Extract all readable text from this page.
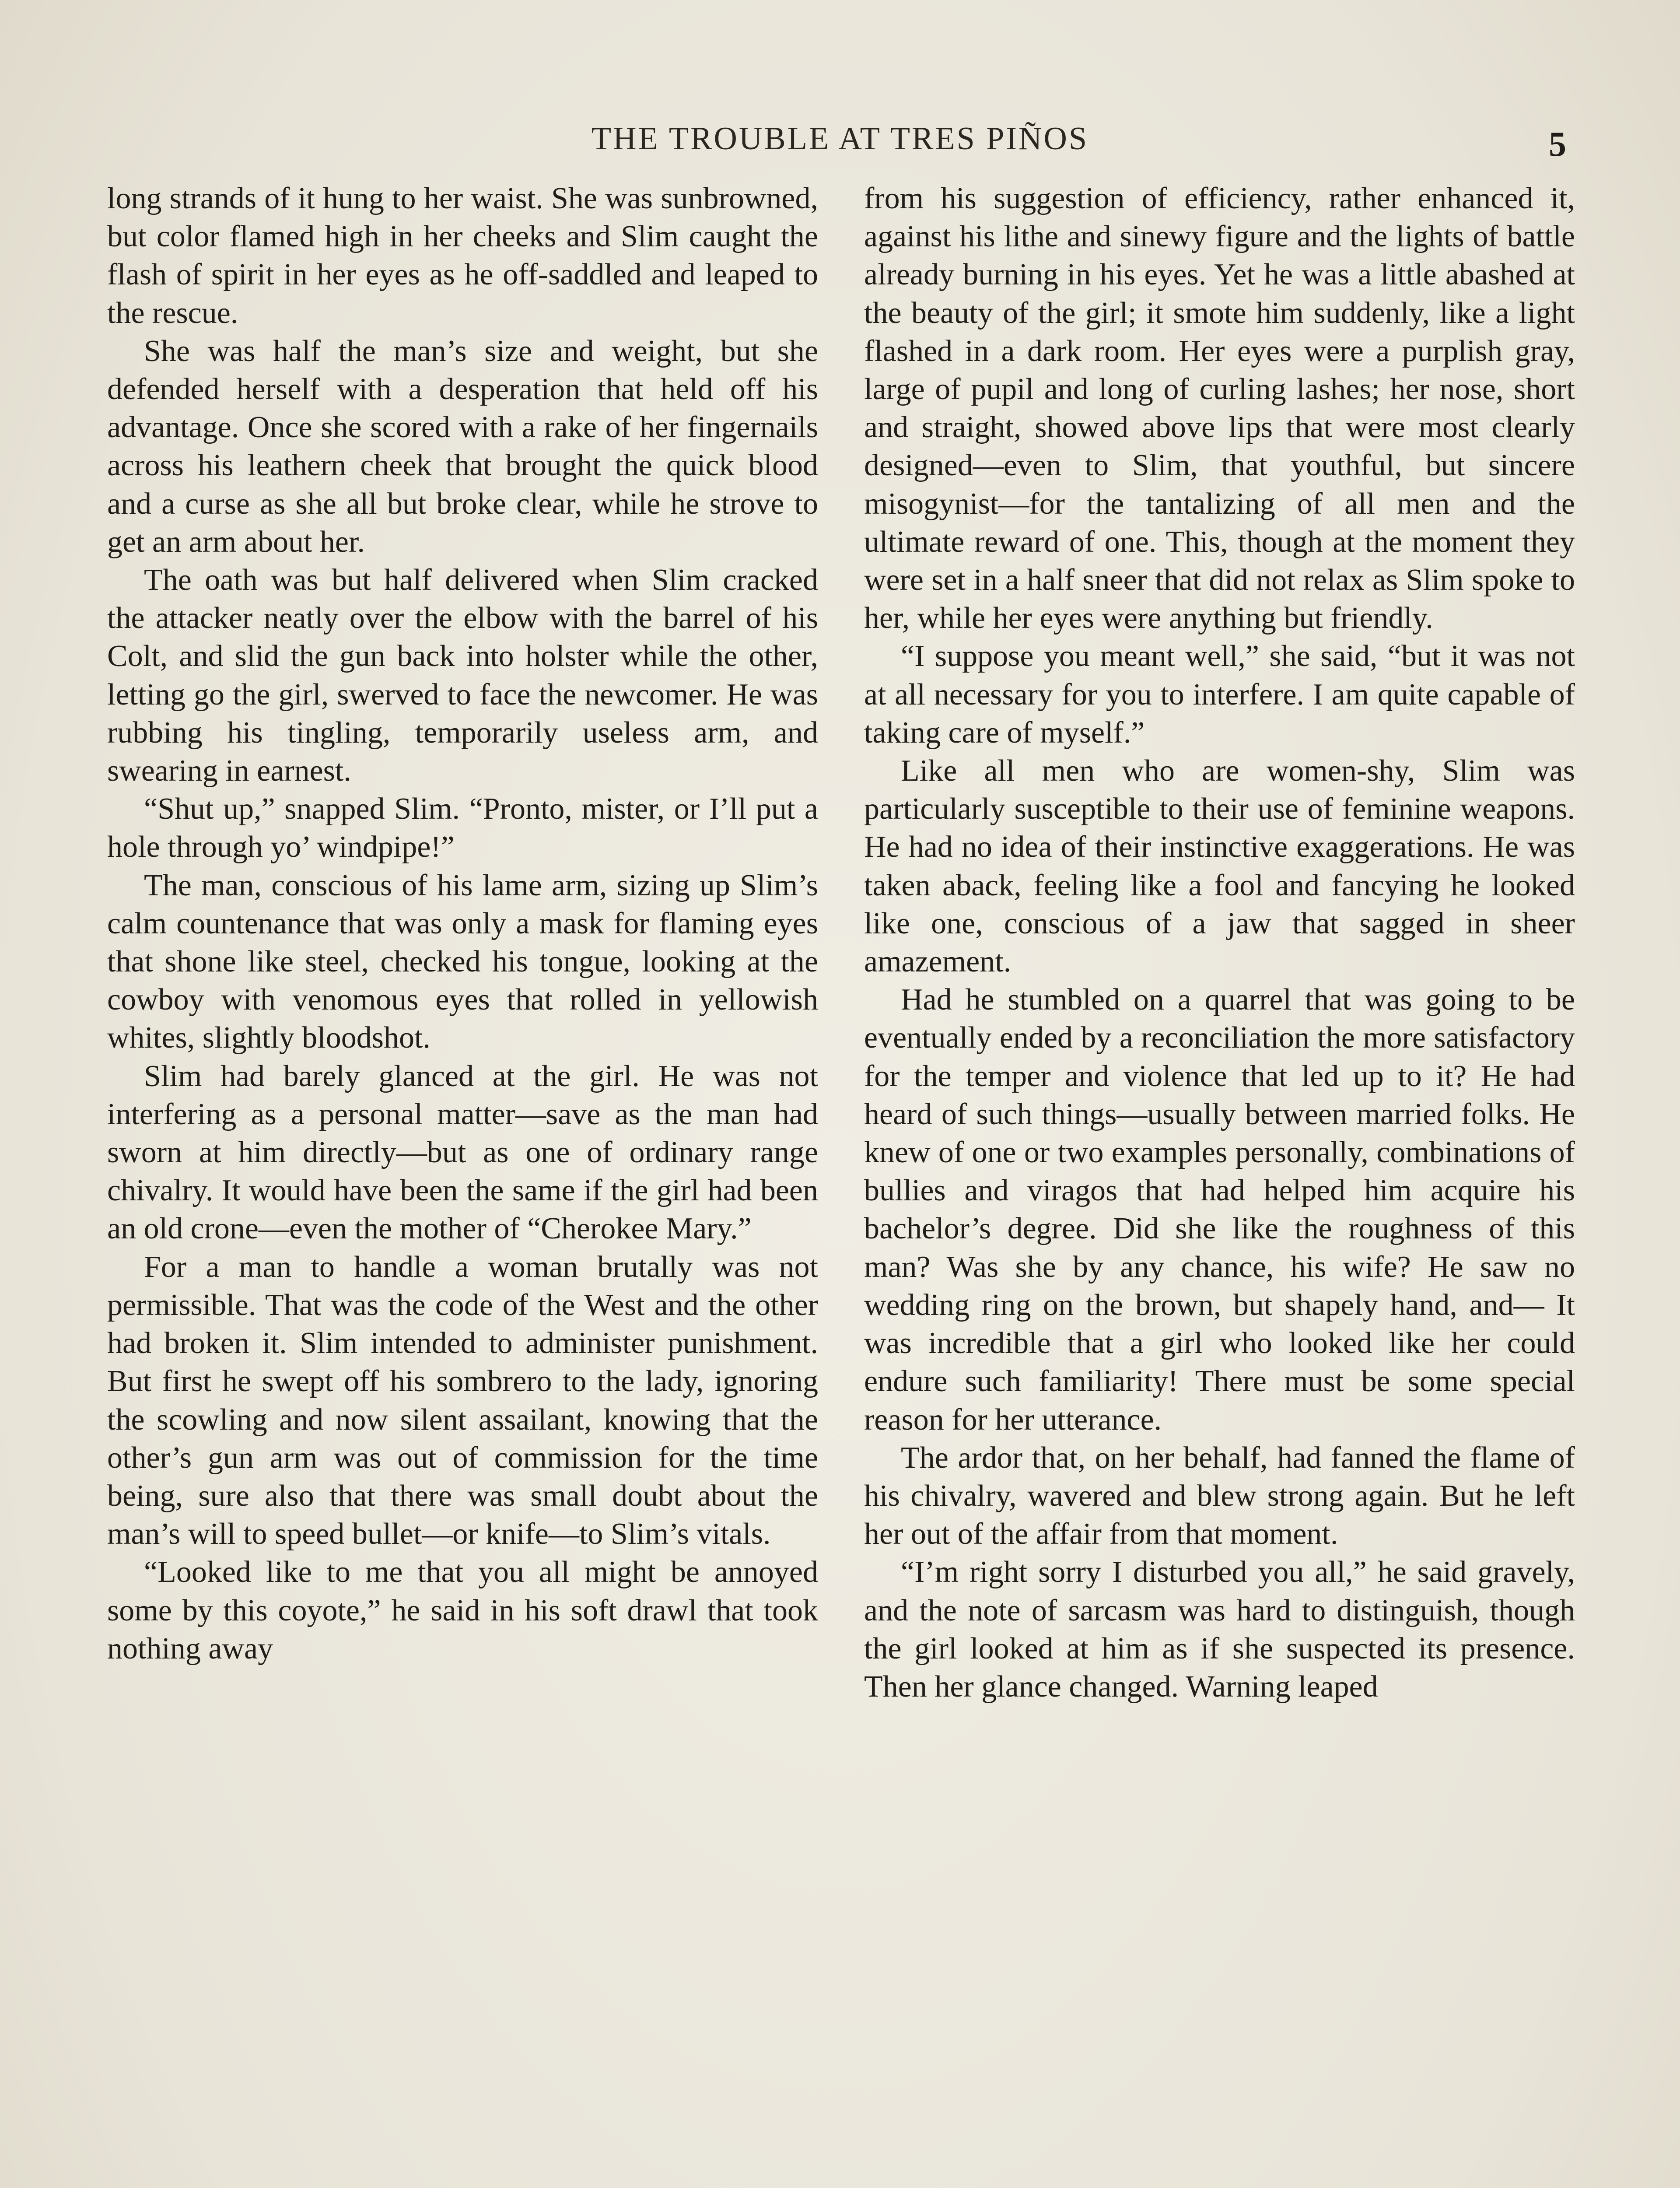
THE TROUBLE AT TRES PIÑOS	5

long strands of it hung to her waist. She was sunbrowned, but color flamed high in her cheeks and Slim caught the flash of spirit in her eyes as he off-saddled and leaped to the rescue.

She was half the man’s size and weight, but she defended herself with a desperation that held off his advantage. Once she scored with a rake of her fingernails across his leathern cheek that brought the quick blood and a curse as she all but broke clear, while he strove to get an arm about her.

The oath was but half delivered when Slim cracked the attacker neatly over the elbow with the barrel of his Colt, and slid the gun back into holster while the other, letting go the girl, swerved to face the newcomer. He was rubbing his tingling, temporarily useless arm, and swearing in earnest.

“Shut up,” snapped Slim. “Pronto, mister, or I’ll put a hole through yo’ windpipe!”

The man, conscious of his lame arm, sizing up Slim’s calm countenance that was only a mask for flaming eyes that shone like steel, checked his tongue, looking at the cowboy with venomous eyes that rolled in yellowish whites, slightly bloodshot.

Slim had barely glanced at the girl. He was not interfering as a personal matter—save as the man had sworn at him directly—but as one of ordinary range chivalry. It would have been the same if the girl had been an old crone—even the mother of “Cherokee Mary.”

For a man to handle a woman brutally was not permissible. That was the code of the West and the other had broken it. Slim intended to administer punishment. But first he swept off his sombrero to the lady, ignoring the scowling and now silent assailant, knowing that the other’s gun arm was out of commission for the time being, sure also that there was small doubt about the man’s will to speed bullet—or knife—to Slim’s vitals.

“Looked like to me that you all might be annoyed some by this coyote,” he said in his soft drawl that took nothing away

from his suggestion of efficiency, rather enhanced it, against his lithe and sinewy figure and the lights of battle already burning in his eyes. Yet he was a little abashed at the beauty of the girl; it smote him suddenly, like a light flashed in a dark room. Her eyes were a purplish gray, large of pupil and long of curling lashes; her nose, short and straight, showed above lips that were most clearly designed—even to Slim, that youthful, but sincere misogynist—for the tantalizing of all men and the ultimate reward of one. This, though at the moment they were set in a half sneer that did not relax as Slim spoke to her, while her eyes were anything but friendly.

“I suppose you meant well,” she said, “but it was not at all necessary for you to interfere. I am quite capable of taking care of myself.”

Like all men who are women-shy, Slim was particularly susceptible to their use of feminine weapons. He had no idea of their instinctive exaggerations. He was taken aback, feeling like a fool and fancying he looked like one, conscious of a jaw that sagged in sheer amazement.

Had he stumbled on a quarrel that was going to be eventually ended by a reconciliation the more satisfactory for the temper and violence that led up to it? He had heard of such things—usually between married folks. He knew of one or two examples personally, combinations of bullies and viragos that had helped him acquire his bachelor’s degree. Did she like the roughness of this man? Was she by any chance, his wife? He saw no wedding ring on the brown, but shapely hand, and— It was incredible that a girl who looked like her could endure such familiarity! There must be some special reason for her utterance.

The ardor that, on her behalf, had fanned the flame of his chivalry, wavered and blew strong again. But he left her out of the affair from that moment.

“I’m right sorry I disturbed you all,” he said gravely, and the note of sarcasm was hard to distinguish, though the girl looked at him as if she suspected its presence. Then her glance changed. Warning leaped
